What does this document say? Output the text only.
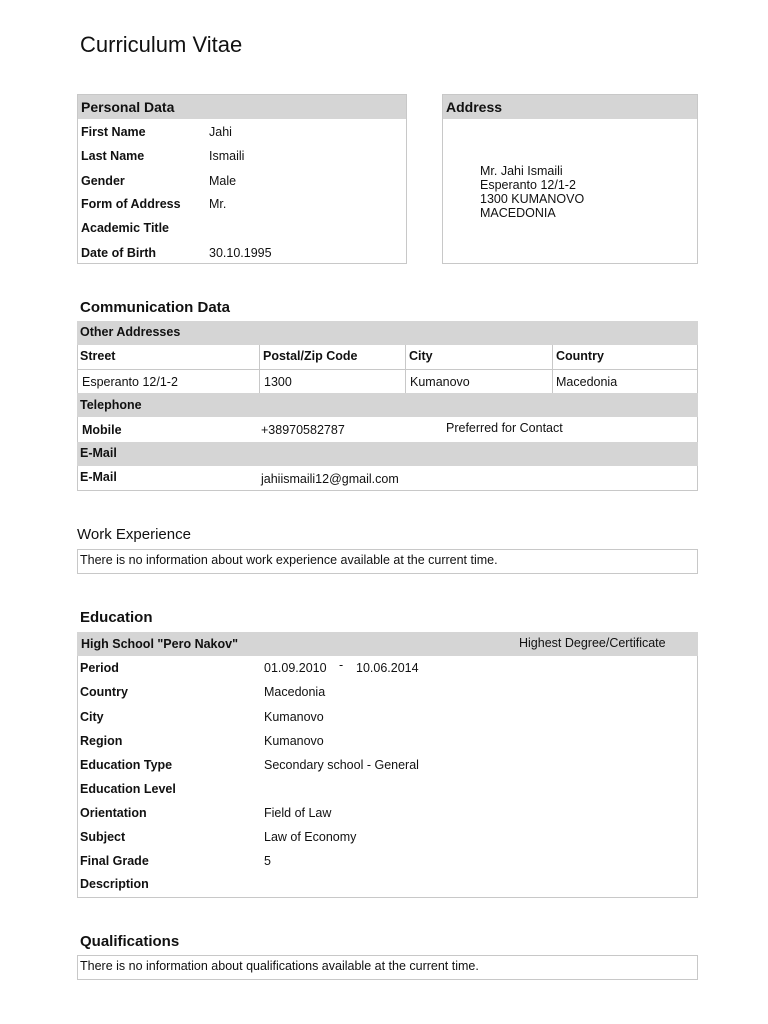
Curriculum Vitae
Personal Data
First Name	Jahi
Last Name	Ismaili
Gender	Male
Form of Address Mr.
Academic Title
Date of Birth	30.10.1995
Address
Mr. Jahi Ismaili
Esperanto 12/1-2
1300 KUMANOVO
MACEDONIA
Communication Data
Other Addresses
Street	Postal/Zip Code	City	Country
Esperanto 12/1-2	1300	Kumanovo	Macedonia
Telephone
Mobile	+38970582787	Preferred for Contact
E-Mail
E-Mail	jahiismaili12@gmail.com
Work Experience
There is no information about work experience available at the current time.
Education
High School "Pero Nakov"	Highest Degree/Certificate
Period	01.09.2010 - 10.06.2014
Country	Macedonia
City	Kumanovo
Region	Kumanovo
Education Type	Secondary school - General
Education Level
Orientation	Field of Law
Subject	Law of Economy
Final Grade	5
Description
Qualifications
There is no information about qualifications available at the current time.
